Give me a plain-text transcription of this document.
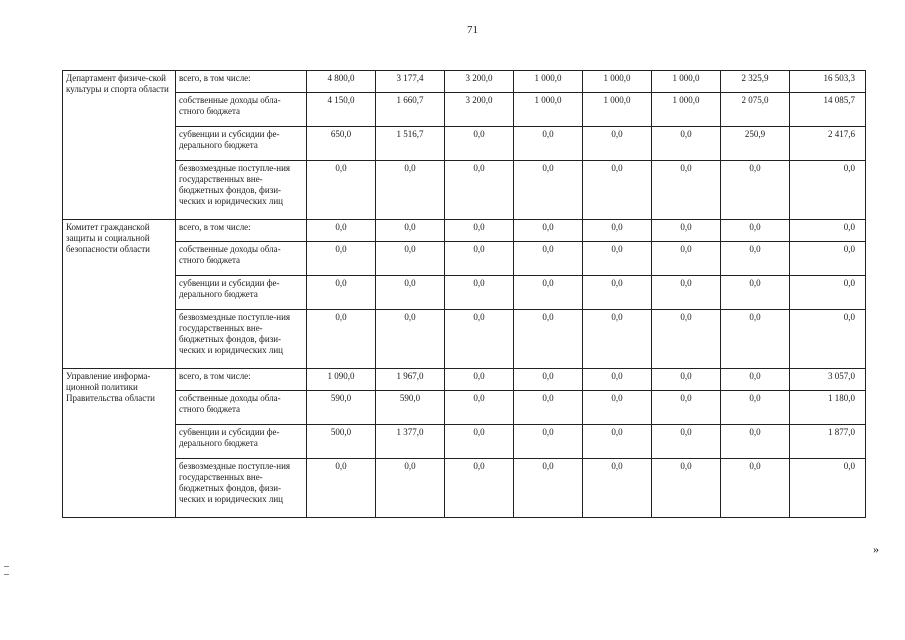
71
Департамент физиче-ской культуры и спорта области	всего, в том числе:	4 800,0	3 177,4	3 200,0	1 000,0	1 000,0	1 000,0	2 325,9	16 503,3
	собственные доходы обла-стного бюджета	4 150,0	1 660,7	3 200,0	1 000,0	1 000,0	1 000,0	2 075,0	14 085,7
	субвенции и субсидии фе-дерального бюджета	650,0	1 516,7	0,0	0,0	0,0	0,0	250,9	2 417,6
	безвозмездные поступле-ния государственных вне-бюджетных фондов, физи-ческих и юридических лиц	0,0	0,0	0,0	0,0	0,0	0,0	0,0	0,0
Комитет гражданской защиты и социальной безопасности области	всего, в том числе:	0,0	0,0	0,0	0,0	0,0	0,0	0,0	0,0
	собственные доходы обла-стного бюджета	0,0	0,0	0,0	0,0	0,0	0,0	0,0	0,0
	субвенции и субсидии фе-дерального бюджета	0,0	0,0	0,0	0,0	0,0	0,0	0,0	0,0
	безвозмездные поступле-ния государственных вне-бюджетных фондов, физи-ческих и юридических лиц	0,0	0,0	0,0	0,0	0,0	0,0	0,0	0,0
Управление информа-ционной политики Правительства области	всего, в том числе:	1 090,0	1 967,0	0,0	0,0	0,0	0,0	0,0	3 057,0
	собственные доходы обла-стного бюджета	590,0	590,0	0,0	0,0	0,0	0,0	0,0	1 180,0
	субвенции и субсидии фе-дерального бюджета	500,0	1 377,0	0,0	0,0	0,0	0,0	0,0	1 877,0
	безвозмездные поступле-ния государственных вне-бюджетных фондов, физи-ческих и юридических лиц	0,0	0,0	0,0	0,0	0,0	0,0	0,0	0,0
»
